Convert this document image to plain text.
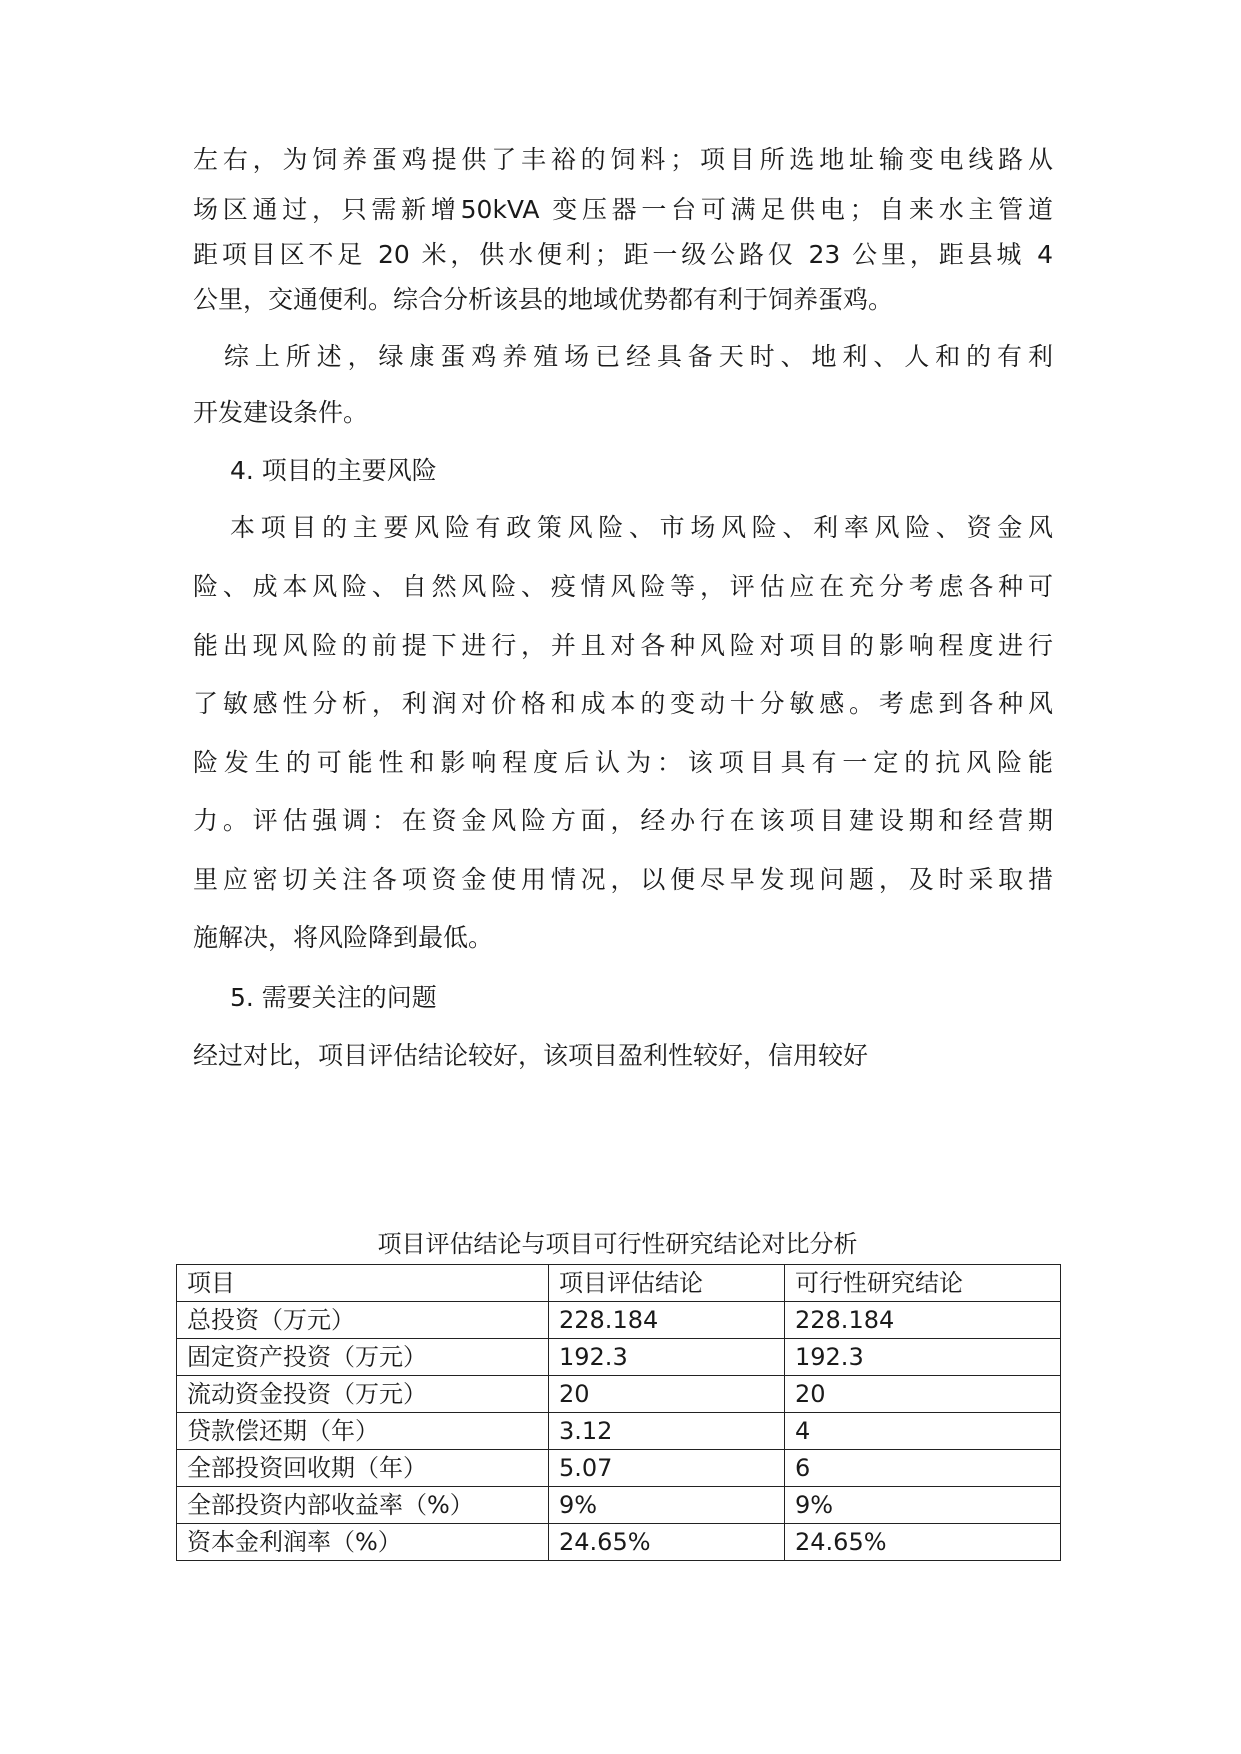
左右，为饲养蛋鸡提供了丰裕的饲料；项目所选地址输变电线路从
场区通过，只需新增50kVA 变压器一台可满足供电；自来水主管道
距项目区不足 20 米，供水便利；距一级公路仅 23 公里，距县城 4
公里，交通便利。综合分析该县的地域优势都有利于饲养蛋鸡。
　综上所述，绿康蛋鸡养殖场已经具备天时、地利、人和的有利
开发建设条件。
4. 项目的主要风险
本项目的主要风险有政策风险、市场风险、利率风险、资金风
险、成本风险、自然风险、疫情风险等，评估应在充分考虑各种可
能出现风险的前提下进行，并且对各种风险对项目的影响程度进行
了敏感性分析，利润对价格和成本的变动十分敏感。考虑到各种风
险发生的可能性和影响程度后认为：该项目具有一定的抗风险能
力。评估强调：在资金风险方面，经办行在该项目建设期和经营期
里应密切关注各项资金使用情况，以便尽早发现问题，及时采取措
施解决，将风险降到最低。
5. 需要关注的问题
经过对比，项目评估结论较好，该项目盈利性较好，信用较好
项目评估结论与项目可行性研究结论对比分析
项目	项目评估结论	可行性研究结论
总投资（万元）	228.184	228.184
固定资产投资（万元）	192.3	192.3
流动资金投资（万元）	20	20
贷款偿还期（年）	3.12	4
全部投资回收期（年）	5.07	6
全部投资内部收益率（%）	9%	9%
资本金利润率（%）	24.65%	24.65%
